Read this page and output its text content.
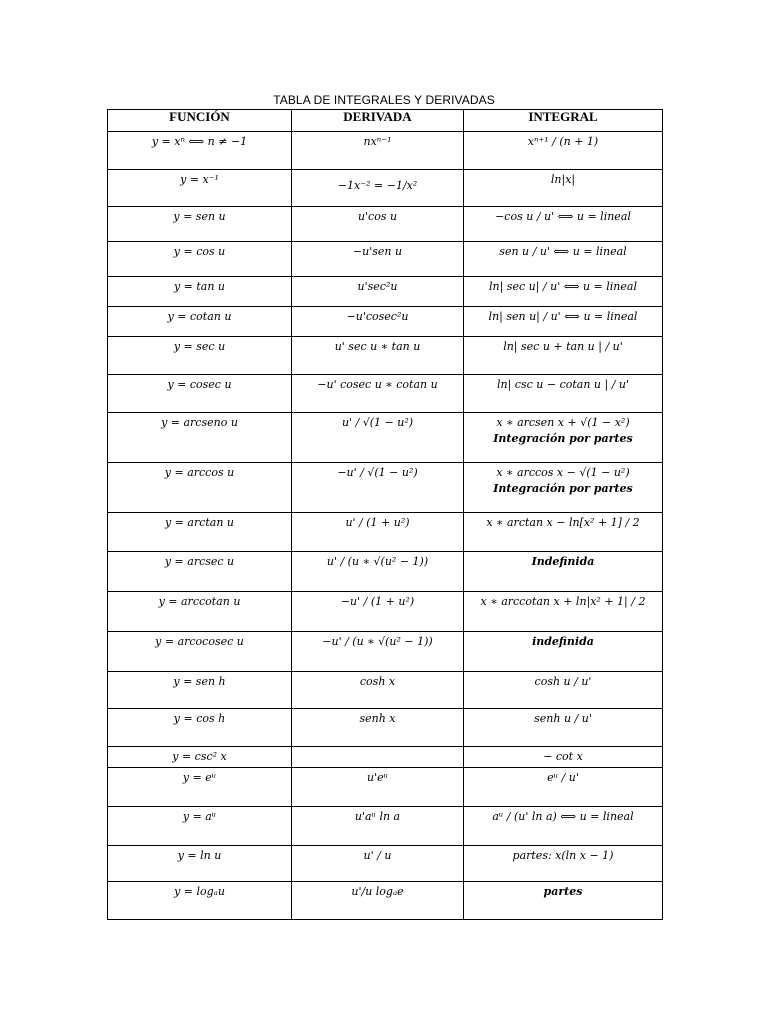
TABLA DE INTEGRALES Y DERIVADAS
FUNCIÓN	DERIVADA	INTEGRAL
y = xⁿ ⟺ n ≠ −1	nxⁿ⁻¹	xⁿ⁺¹ / (n + 1)
y = x⁻¹	−1x⁻² = −1/x²	ln|x|
y = sen u	u'cos u	−cos u / u' ⟺ u = lineal
y = cos u	−u'sen u	sen u / u' ⟺ u = lineal
y = tan u	u'sec²u	ln| sec u| / u' ⟺ u = lineal
y = cotan u	−u'cosec²u	ln| sen u| / u' ⟺ u = lineal
y = sec u	u' sec u ∗ tan u	ln| sec u + tan u | / u'
y = cosec u	−u' cosec u ∗ cotan u	ln| csc u − cotan u | / u'
y = arcseno u	u' / √(1 − u²)	x ∗ arcsen x + √(1 − x²)
Integración por partes

y = arccos u	−u' / √(1 − u²)	x ∗ arccos x − √(1 − u²)
Integración por partes

y = arctan u	u' / (1 + u²)	x ∗ arctan x − ln[x² + 1] / 2
y = arcsec u	u' / (u ∗ √(u² − 1))	Indefinida
y = arccotan u	−u' / (1 + u²)	x ∗ arccotan x + ln|x² + 1| / 2
y = arcocosec u	−u' / (u ∗ √(u² − 1))	indefinida
y = sen h	cosh x	cosh u / u'
y = cos h	senh x	senh u / u'
y = csc² x		− cot x
y = eᵘ	u'eᵘ	eᵘ / u'
y = aᵘ	u'aᵘ ln a	aᵘ / (u' ln a) ⟺ u = lineal
y = ln u	u' / u	partes: x(ln x − 1)
y = logₐu	u'/u logₐe	partes
